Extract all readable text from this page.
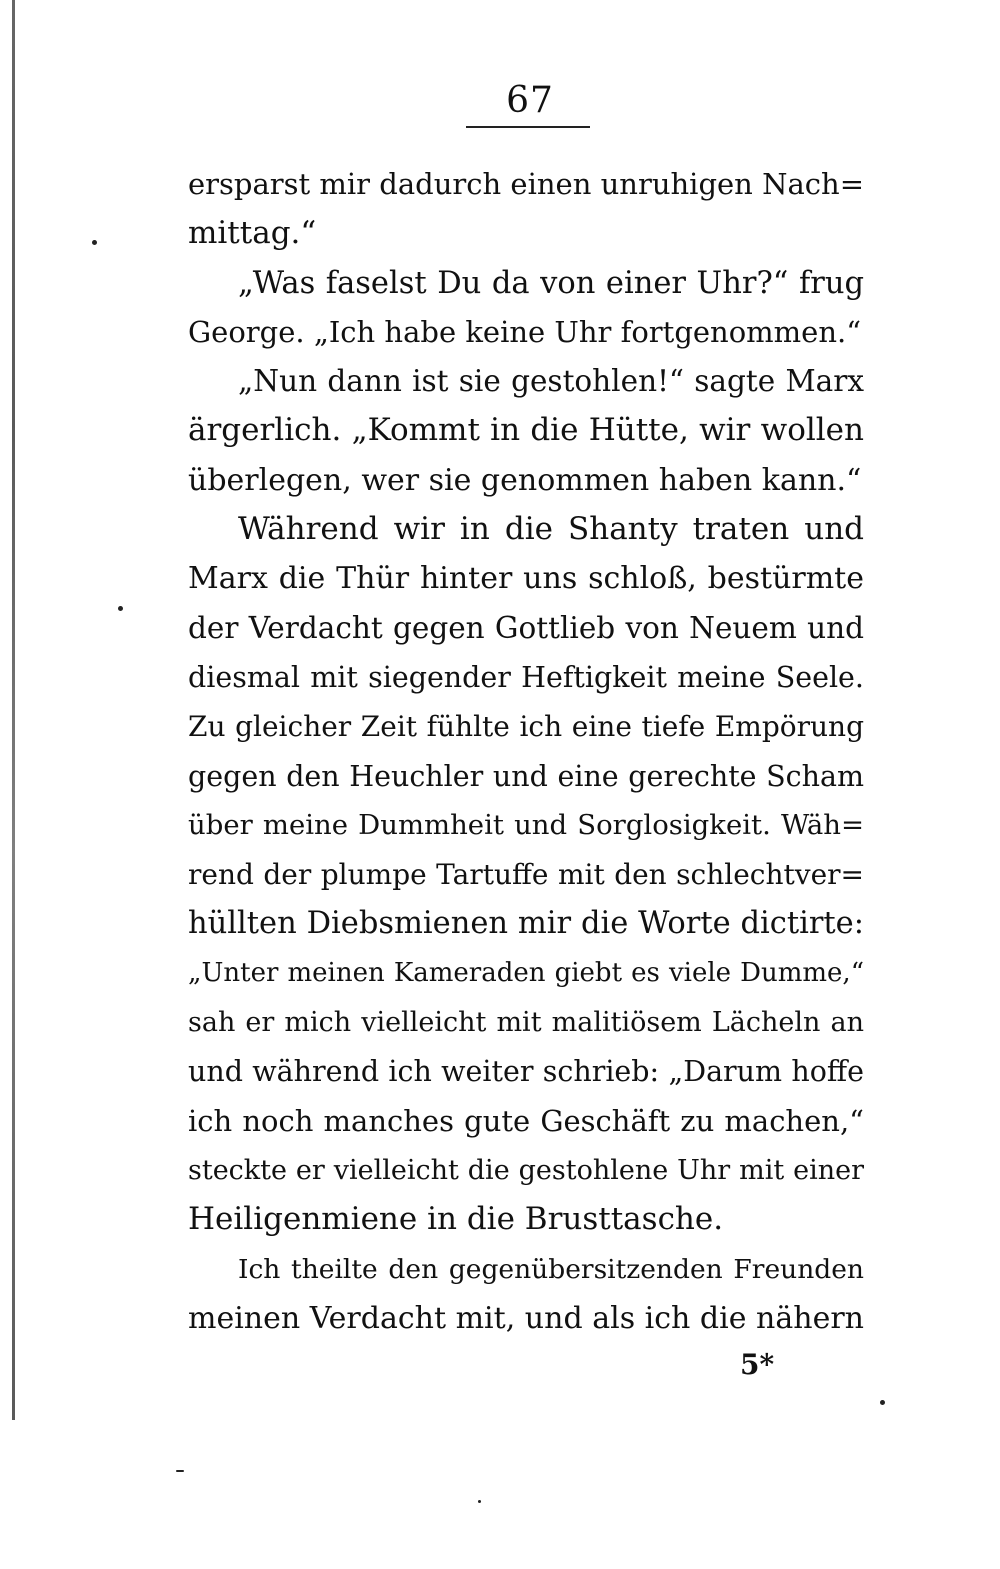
67
ersparst mir dadurch einen unruhigen Nach=
mittag.“
„Was faselst Du da von einer Uhr?“ frug
George. „Ich habe keine Uhr fortgenommen.“
„Nun dann ist sie gestohlen!“ sagte Marx
ärgerlich. „Kommt in die Hütte, wir wollen
überlegen, wer sie genommen haben kann.“
Während wir in die Shanty traten und
Marx die Thür hinter uns schloß, bestürmte
der Verdacht gegen Gottlieb von Neuem und
diesmal mit siegender Heftigkeit meine Seele.
Zu gleicher Zeit fühlte ich eine tiefe Empörung
gegen den Heuchler und eine gerechte Scham
über meine Dummheit und Sorglosigkeit. Wäh=
rend der plumpe Tartuffe mit den schlechtver=
hüllten Diebsmienen mir die Worte dictirte:
„Unter meinen Kameraden giebt es viele Dumme,“
sah er mich vielleicht mit malitiösem Lächeln an
und während ich weiter schrieb: „Darum hoffe
ich noch manches gute Geschäft zu machen,“
steckte er vielleicht die gestohlene Uhr mit einer
Heiligenmiene in die Brusttasche.
Ich theilte den gegenübersitzenden Freunden
meinen Verdacht mit, und als ich die nähern
5*
